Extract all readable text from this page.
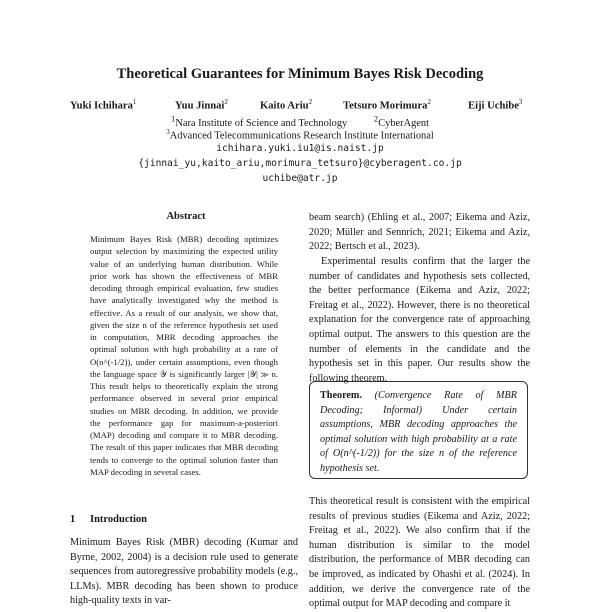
Theoretical Guarantees for Minimum Bayes Risk Decoding
Yuki Ichihara$^1$	Yuu Jinnai$^2$	Kaito Ariu$^2$	Tetsuro Morimura$^2$	Eiji Uchibe$^3$
$^1$Nara Institute of Science and Technology	$^2$CyberAgent
$^3$Advanced Telecommunications Research Institute International
ichihara.yuki.iu1@is.naist.jp
{jinnai_yu,kaito_ariu,morimura_tetsuro}@cyberagent.co.jp
uchibe@atr.jp
Abstract
Minimum Bayes Risk (MBR) decoding optimizes output selection by maximizing the expected utility value of an underlying human distribution. While prior work has shown the effectiveness of MBR decoding through empirical evaluation, few studies have analytically investigated why the method is effective. As a result of our analysis, we show that, given the size n of the reference hypothesis set used in computation, MBR decoding approaches the optimal solution with high probability at a rate of O(n^(-1/2)), under certain assumptions, even though the language space 𝒴 is significantly larger |𝒴| ≫ n. This result helps to theoretically explain the strong performance observed in several prior empirical studies on MBR decoding. In addition, we provide the performance gap for maximum-a-posteriori (MAP) decoding and compare it to MBR decoding. The result of this paper indicates that MBR decoding tends to converge to the optimal solution faster than MAP decoding in several cases.
1 Introduction
Minimum Bayes Risk (MBR) decoding (Kumar and Byrne, 2002, 2004) is a decision rule used to generate sequences from autoregressive probability models (e.g., LLMs). MBR decoding has been shown to produce high-quality texts in var-

beam search) (Ehling et al., 2007; Eikema and Aziz, 2020; Müller and Sennrich, 2021; Eikema and Aziz, 2022; Bertsch et al., 2023).

Experimental results confirm that the larger the number of candidates and hypothesis sets collected, the better performance (Eikema and Aziz, 2022; Freitag et al., 2022). However, there is no theoretical explanation for the convergence rate of approaching optimal output. The answers to this question are the number of elements in the candidate and the hypothesis set in this paper. Our results show the following theorem.

Theorem. (Convergence Rate of MBR Decoding; Informal) Under certain assumptions, MBR decoding approaches the optimal solution with high probability at a rate of O(n^(-1/2)) for the size n of the reference hypothesis set.

This theoretical result is consistent with the empirical results of previous studies (Eikema and Aziz, 2022; Freitag et al., 2022). We also confirm that if the human distribution is similar to the model distribution, the performance of MBR decoding can be improved, as indicated by Ohashi et al. (2024). In addition, we derive the convergence rate of the optimal output for MAP decoding and compare it
